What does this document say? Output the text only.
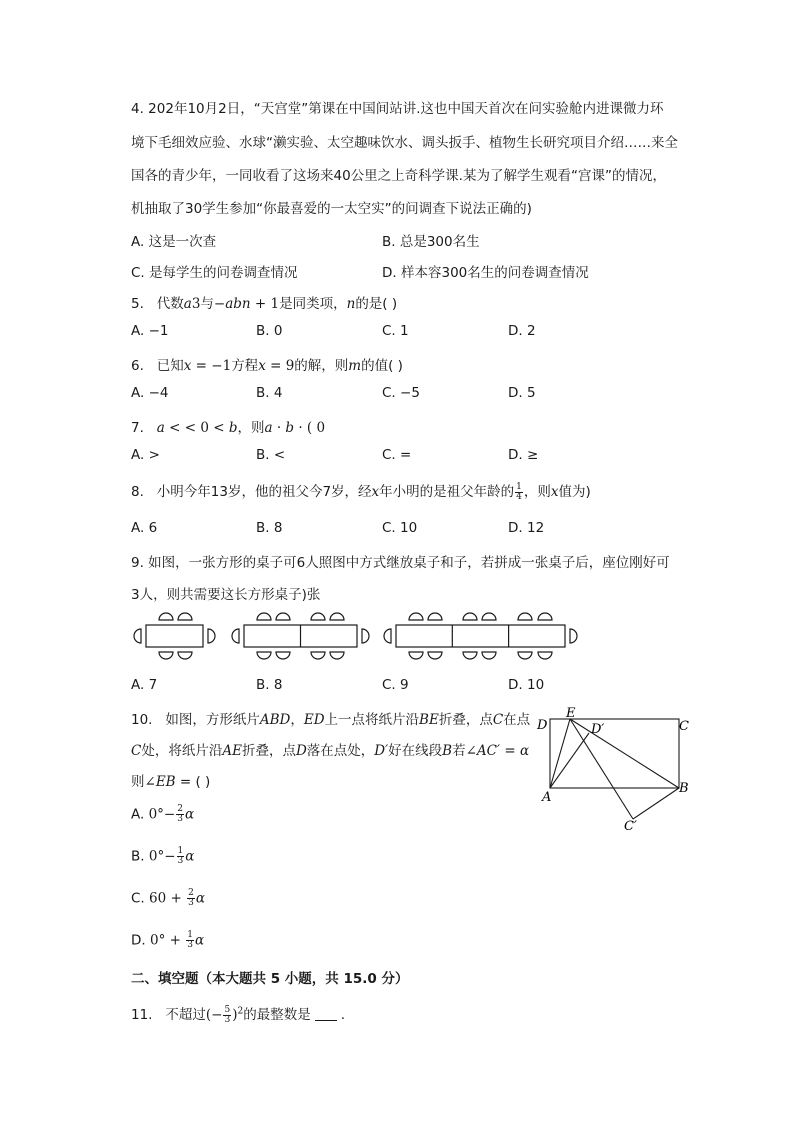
4. 202年10月2日，“天宫堂”第课在中国间站讲.这也中国天首次在问实验舱内进课微力环
境下毛细效应验、水球“濑实验、太空趣味饮水、调头扳手、植物生长研究项目介绍……来全
国各的青少年，一同收看了这场来40公里之上奇科学课.某为了解学生观看“宫课”的情况，
机抽取了30学生参加“你最喜爱的一太空实”的问调查下说法正确的)
A. 这是一次查	B. 总是300名生
C. 是每学生的问卷调查情况	D. 样本容300名生的问卷调查情况
5. 代数a3与−abn + 1是同类项，n的是( )
A. −1	B. 0	C. 1	D. 2
6. 已知x = −1方程x = 9的解，则m的值( )
A. −4	B. 4	C. −5	D. 5
7. a < < 0 < b，则a · b · ( 0
A. >	B. <	C. =	D. ≥
8. 小明今年13岁，他的祖父今7岁，经x年小明的是祖父年龄的 $\frac{1}{4}$ ，则x值为)
A. 6	B. 8	C. 10	D. 12
9. 如图，一张方形的桌子可6人照图中方式继放桌子和子，若拼成一张桌子后，座位刚好可
3人，则共需要这长方形桌子)张
A. 7	B. 8	C. 9	D. 10
10. 如图，方形纸片ABD，ED上一点将纸片沿BE折叠，点C在点
C处，将纸片沿AE折叠，点D落在点处，D′好在线段B若∠AC′ = α
则∠EB = ( )
A. $0^\circ- \frac{2}{3}$ α
B. $0^\circ- \frac{1}{3}$ α
C. $60 + \frac{2}{3}$ α
D. $0^\circ + \frac{1}{3}$ α
D
E
D′	C
A
B
C′
二、填空题（本大题共 5 小题，共 15.0 分）
11. 不超过(− $\frac{5}{3} )^2$的最整数是 .
